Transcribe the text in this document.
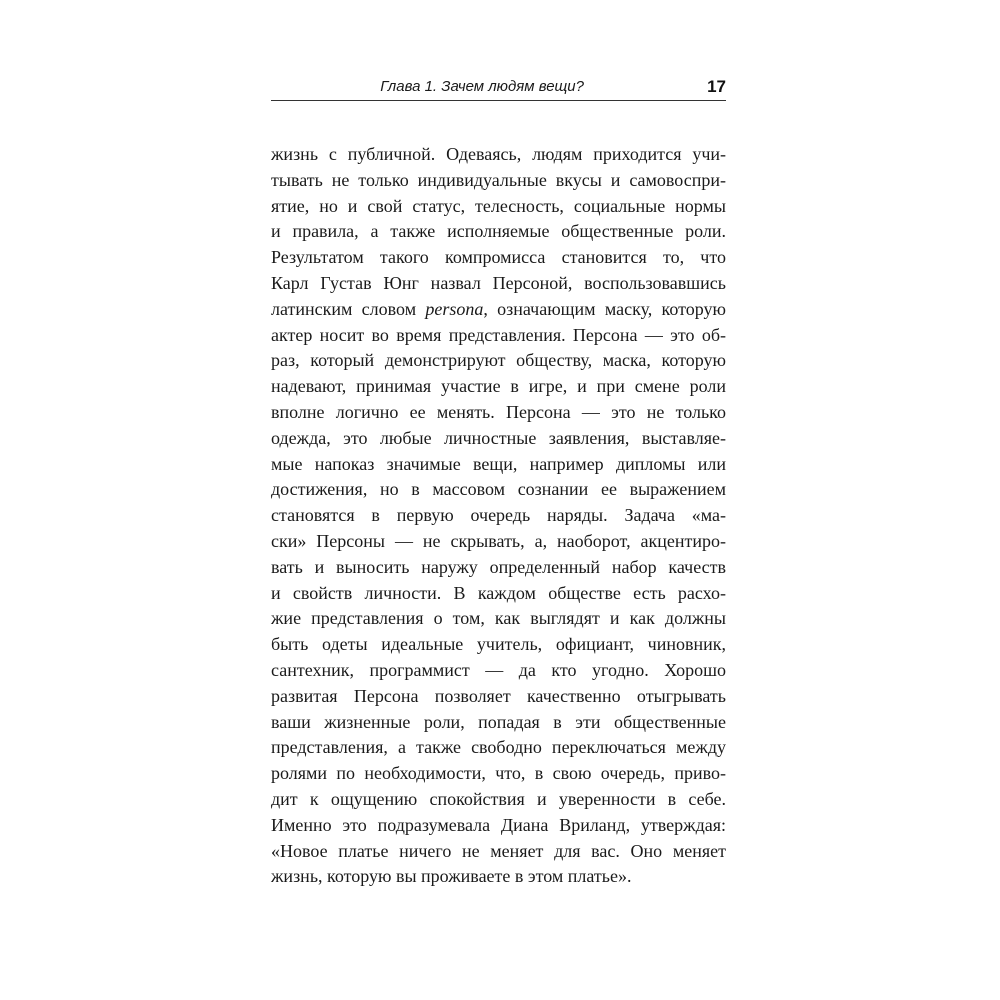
Глава 1. Зачем людям вещи?	17
жизнь с публичной. Одеваясь, людям приходится учи-
тывать не только индивидуальные вкусы и самовоспри-
ятие, но и свой статус, телесность, социальные нормы
и правила, а также исполняемые общественные роли.
Результатом такого компромисса становится то, что
Карл Густав Юнг назвал Персоной, воспользовавшись
латинским словом persona, означающим маску, которую
актер носит во время представления. Персона — это об-
раз, который демонстрируют обществу, маска, которую
надевают, принимая участие в игре, и при смене роли
вполне логично ее менять. Персона — это не только
одежда, это любые личностные заявления, выставляе-
мые напоказ значимые вещи, например дипломы или
достижения, но в массовом сознании ее выражением
становятся в первую очередь наряды. Задача «ма-
ски» Персоны — не скрывать, а, наоборот, акцентиро-
вать и выносить наружу определенный набор качеств
и свойств личности. В каждом обществе есть расхо-
жие представления о том, как выглядят и как должны
быть одеты идеальные учитель, официант, чиновник,
сантехник, программист — да кто угодно. Хорошо
развитая Персона позволяет качественно отыгрывать
ваши жизненные роли, попадая в эти общественные
представления, а также свободно переключаться между
ролями по необходимости, что, в свою очередь, приво-
дит к ощущению спокойствия и уверенности в себе.
Именно это подразумевала Диана Вриланд, утверждая:
«Новое платье ничего не меняет для вас. Оно меняет
жизнь, которую вы проживаете в этом платье».
